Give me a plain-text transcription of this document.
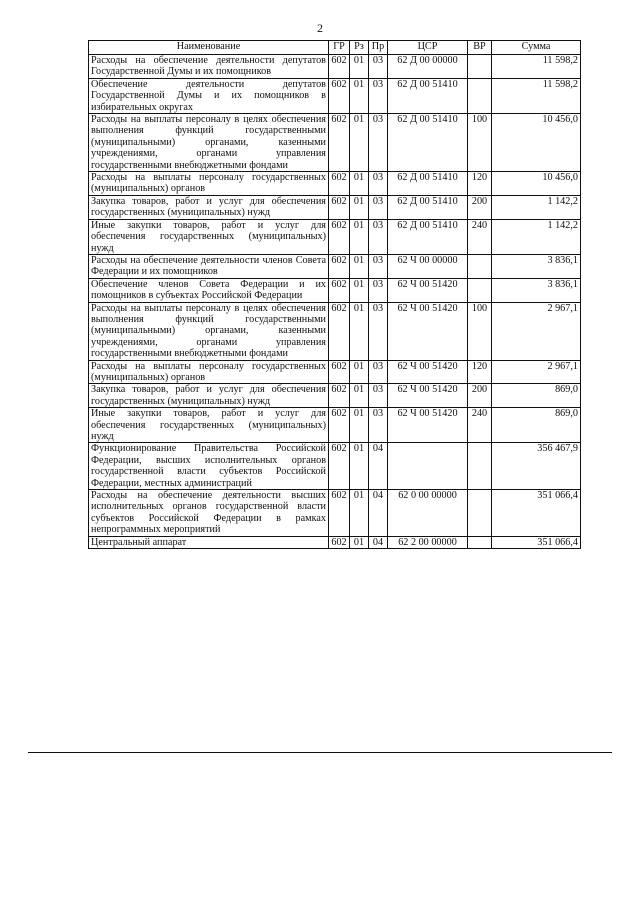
2
Наименование	ГР	Рз	Пр	ЦСР	ВР	Сумма
Расходы на обеспечение деятельности депутатов Государственной Думы и их помощников	602	01	03	62 Д 00 00000		11 598,2
Обеспечение деятельности депутатов Государственной Думы и их помощников в избирательных округах	602	01	03	62 Д 00 51410		11 598,2
Расходы на выплаты персоналу в целях обеспечения выполнения функций государственными (муниципальными) органами, казенными учреждениями, органами управления государственными внебюджетными фондами	602	01	03	62 Д 00 51410	100	10 456,0
Расходы на выплаты персоналу государственных (муниципальных) органов	602	01	03	62 Д 00 51410	120	10 456,0
Закупка товаров, работ и услуг для обеспечения государственных (муниципальных) нужд	602	01	03	62 Д 00 51410	200	1 142,2
Иные закупки товаров, работ и услуг для обеспечения государственных (муниципальных) нужд	602	01	03	62 Д 00 51410	240	1 142,2
Расходы на обеспечение деятельности членов Совета Федерации и их помощников	602	01	03	62 Ч 00 00000		3 836,1
Обеспечение членов Совета Федерации и их помощников в субъектах Российской Федерации	602	01	03	62 Ч 00 51420		3 836,1
Расходы на выплаты персоналу в целях обеспечения выполнения функций государственными (муниципальными) органами, казенными учреждениями, органами управления государственными внебюджетными фондами	602	01	03	62 Ч 00 51420	100	2 967,1
Расходы на выплаты персоналу государственных (муниципальных) органов	602	01	03	62 Ч 00 51420	120	2 967,1
Закупка товаров, работ и услуг для обеспечения государственных (муниципальных) нужд	602	01	03	62 Ч 00 51420	200	869,0
Иные закупки товаров, работ и услуг для обеспечения государственных (муниципальных) нужд	602	01	03	62 Ч 00 51420	240	869,0
Функционирование Правительства Российской Федерации, высших исполнительных органов государственной власти субъектов Российской Федерации, местных администраций	602	01	04			356 467,9
Расходы на обеспечение деятельности высших исполнительных органов государственной власти субъектов Российской Федерации в рамках непрограммных мероприятий	602	01	04	62 0 00 00000		351 066,4
Центральный аппарат	602	01	04	62 2 00 00000		351 066,4
